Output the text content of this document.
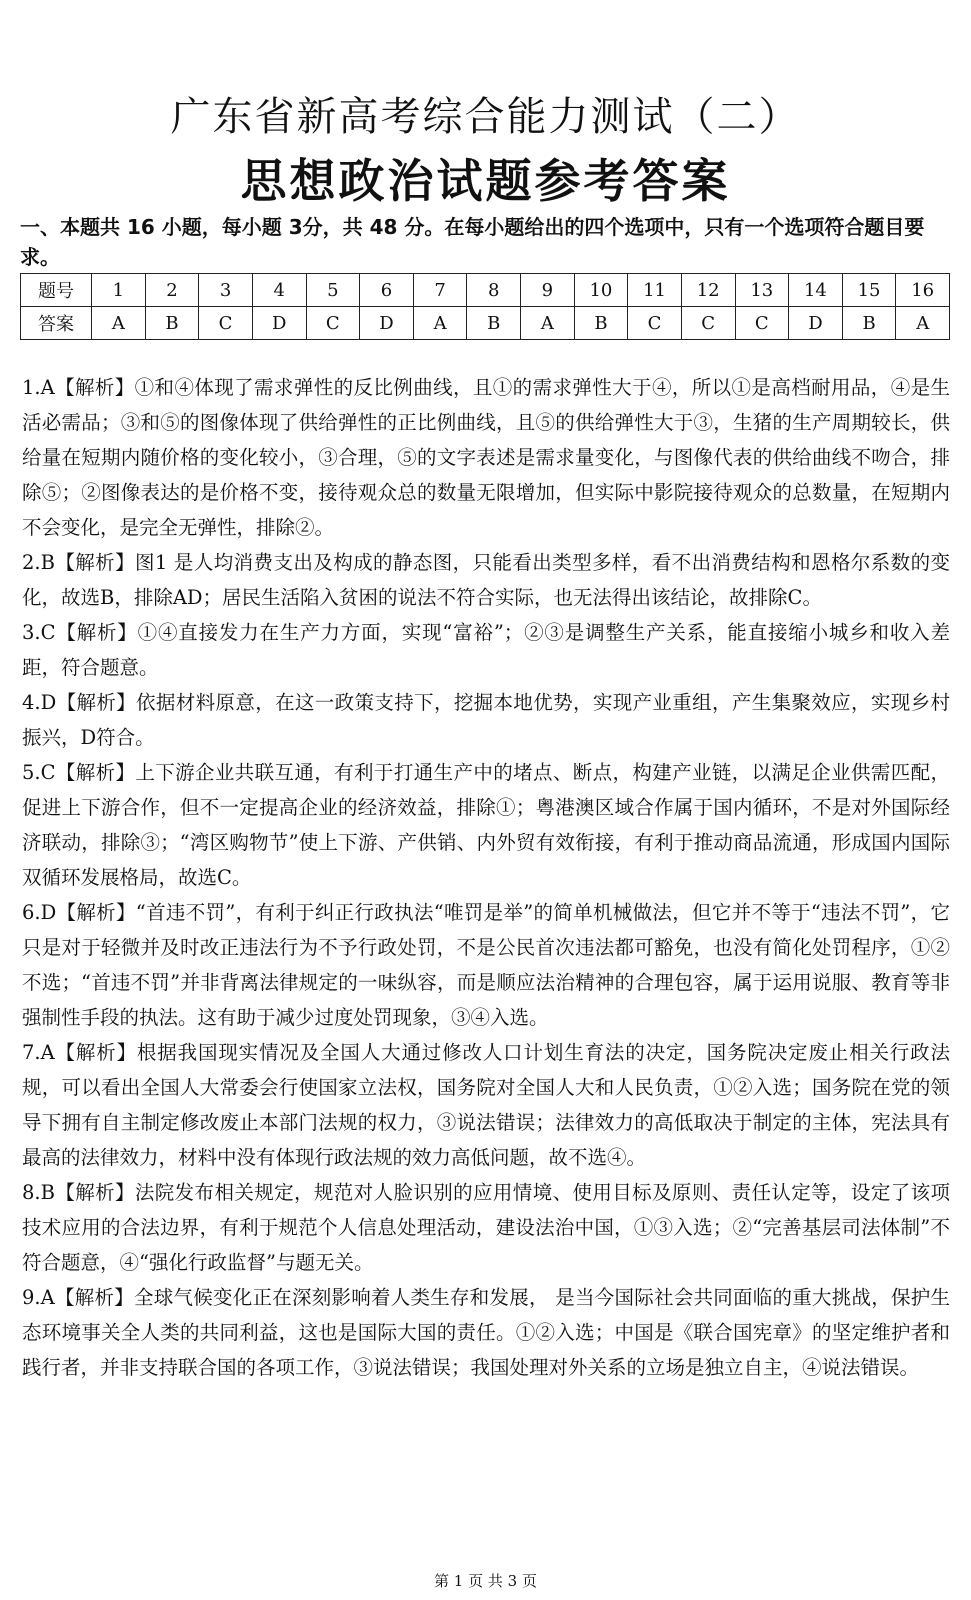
广东省新高考综合能力测试（二）
思想政治试题参考答案
一、本题共 16 小题，每小题 3分，共 48 分。在每小题给出的四个选项中，只有一个选项符合题目要求。
题号	1	2	3	4	5	6	7	8	9	10	11	12	13	14	15	16
答案	A	B	C	D	C	D	A	B	A	B	C	C	C	D	B	A

1.A【解析】①和④体现了需求弹性的反比例曲线，且①的需求弹性大于④，所以①是高档耐用品，④是生活必需品；③和⑤的图像体现了供给弹性的正比例曲线，且⑤的供给弹性大于③，生猪的生产周期较长，供给量在短期内随价格的变化较小，③合理，⑤的文字表述是需求量变化，与图像代表的供给曲线不吻合，排除⑤；②图像表达的是价格不变，接待观众总的数量无限增加，但实际中影院接待观众的总数量，在短期内不会变化，是完全无弹性，排除②。

2.B【解析】图1 是人均消费支出及构成的静态图，只能看出类型多样，看不出消费结构和恩格尔系数的变化，故选B，排除AD；居民生活陷入贫困的说法不符合实际，也无法得出该结论，故排除C。

3.C【解析】①④直接发力在生产力方面，实现“富裕”；②③是调整生产关系，能直接缩小城乡和收入差距，符合题意。

4.D【解析】依据材料原意，在这一政策支持下，挖掘本地优势，实现产业重组，产生集聚效应，实现乡村振兴，D符合。

5.C【解析】上下游企业共联互通，有利于打通生产中的堵点、断点，构建产业链，以满足企业供需匹配，促进上下游合作，但不一定提高企业的经济效益，排除①；粤港澳区域合作属于国内循环，不是对外国际经济联动，排除③；“湾区购物节”使上下游、产供销、内外贸有效衔接，有利于推动商品流通，形成国内国际双循环发展格局，故选C。

6.D【解析】“首违不罚”，有利于纠正行政执法“唯罚是举”的简单机械做法，但它并不等于“违法不罚”，它只是对于轻微并及时改正违法行为不予行政处罚，不是公民首次违法都可豁免，也没有简化处罚程序，①②不选；“首违不罚”并非背离法律规定的一味纵容，而是顺应法治精神的合理包容，属于运用说服、教育等非强制性手段的执法。这有助于减少过度处罚现象，③④入选。

7.A【解析】根据我国现实情况及全国人大通过修改人口计划生育法的决定，国务院决定废止相关行政法规，可以看出全国人大常委会行使国家立法权，国务院对全国人大和人民负责，①②入选；国务院在党的领导下拥有自主制定修改废止本部门法规的权力，③说法错误；法律效力的高低取决于制定的主体，宪法具有最高的法律效力，材料中没有体现行政法规的效力高低问题，故不选④。

8.B【解析】法院发布相关规定，规范对人脸识别的应用情境、使用目标及原则、责任认定等，设定了该项技术应用的合法边界，有利于规范个人信息处理活动，建设法治中国，①③入选；②“完善基层司法体制”不符合题意，④“强化行政监督”与题无关。

9.A【解析】全球气候变化正在深刻影响着人类生存和发展， 是当今国际社会共同面临的重大挑战，保护生态环境事关全人类的共同利益，这也是国际大国的责任。①②入选；中国是《联合国宪章》的坚定维护者和践行者，并非支持联合国的各项工作，③说法错误；我国处理对外关系的立场是独立自主，④说法错误。

第 1 页 共 3 页
